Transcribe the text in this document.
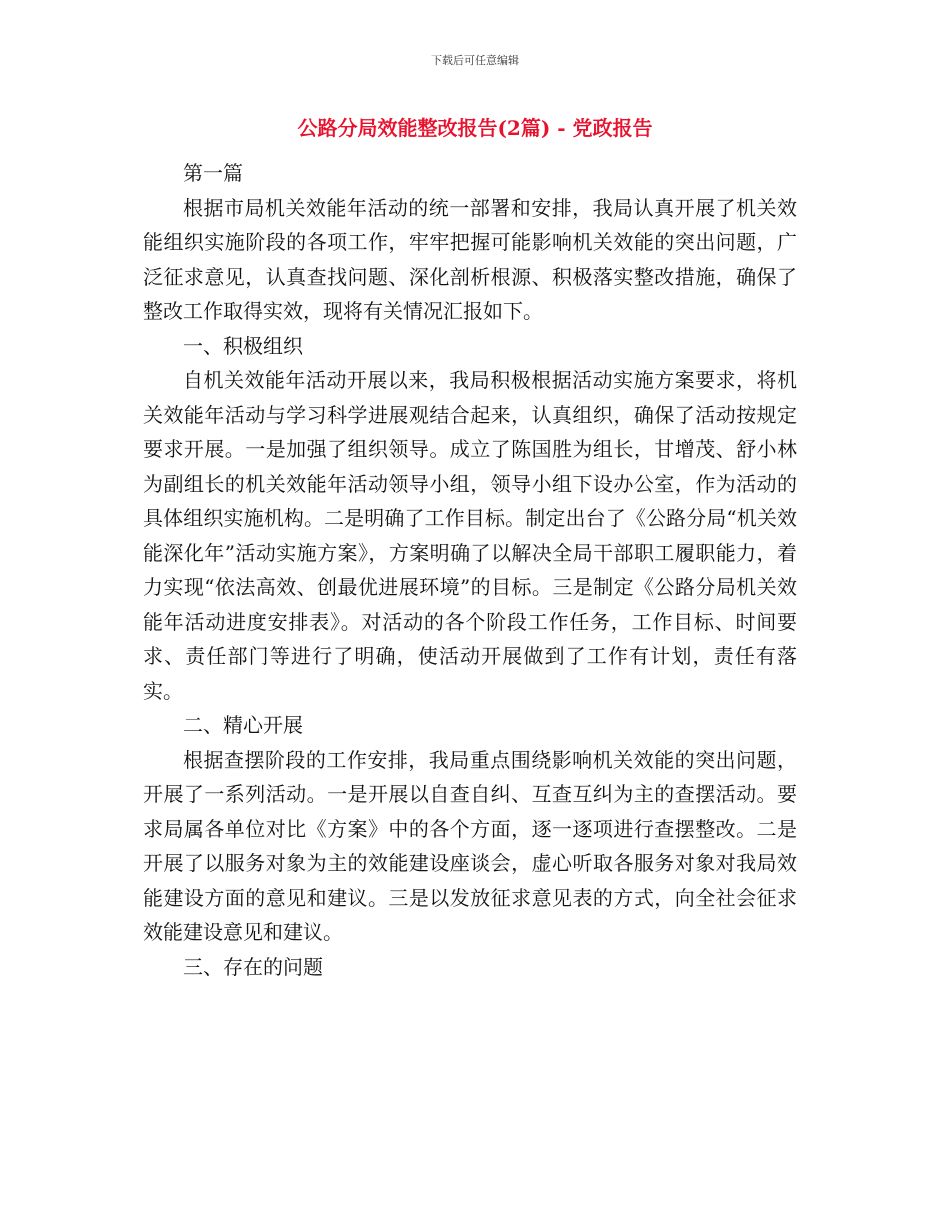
下载后可任意编辑
公路分局效能整改报告(2篇) - 党政报告

第一篇

根据市局机关效能年活动的统一部署和安排，我局认真开展了机关效能组织实施阶段的各项工作，牢牢把握可能影响机关效能的突出问题，广泛征求意见，认真查找问题、深化剖析根源、积极落实整改措施，确保了整改工作取得实效，现将有关情况汇报如下。

一、积极组织

自机关效能年活动开展以来，我局积极根据活动实施方案要求，将机关效能年活动与学习科学进展观结合起来，认真组织，确保了活动按规定要求开展。一是加强了组织领导。成立了陈国胜为组长，甘增茂、舒小林为副组长的机关效能年活动领导小组，领导小组下设办公室，作为活动的具体组织实施机构。二是明确了工作目标。制定出台了《公路分局“机关效能深化年”活动实施方案》，方案明确了以解决全局干部职工履职能力，着力实现“依法高效、创最优进展环境”的目标。三是制定《公路分局机关效能年活动进度安排表》。对活动的各个阶段工作任务，工作目标、时间要求、责任部门等进行了明确，使活动开展做到了工作有计划，责任有落实。

二、精心开展

根据查摆阶段的工作安排，我局重点围绕影响机关效能的突出问题，开展了一系列活动。一是开展以自查自纠、互查互纠为主的查摆活动。要求局属各单位对比《方案》中的各个方面，逐一逐项进行查摆整改。二是开展了以服务对象为主的效能建设座谈会，虚心听取各服务对象对我局效能建设方面的意见和建议。三是以发放征求意见表的方式，向全社会征求效能建设意见和建议。

三、存在的问题
